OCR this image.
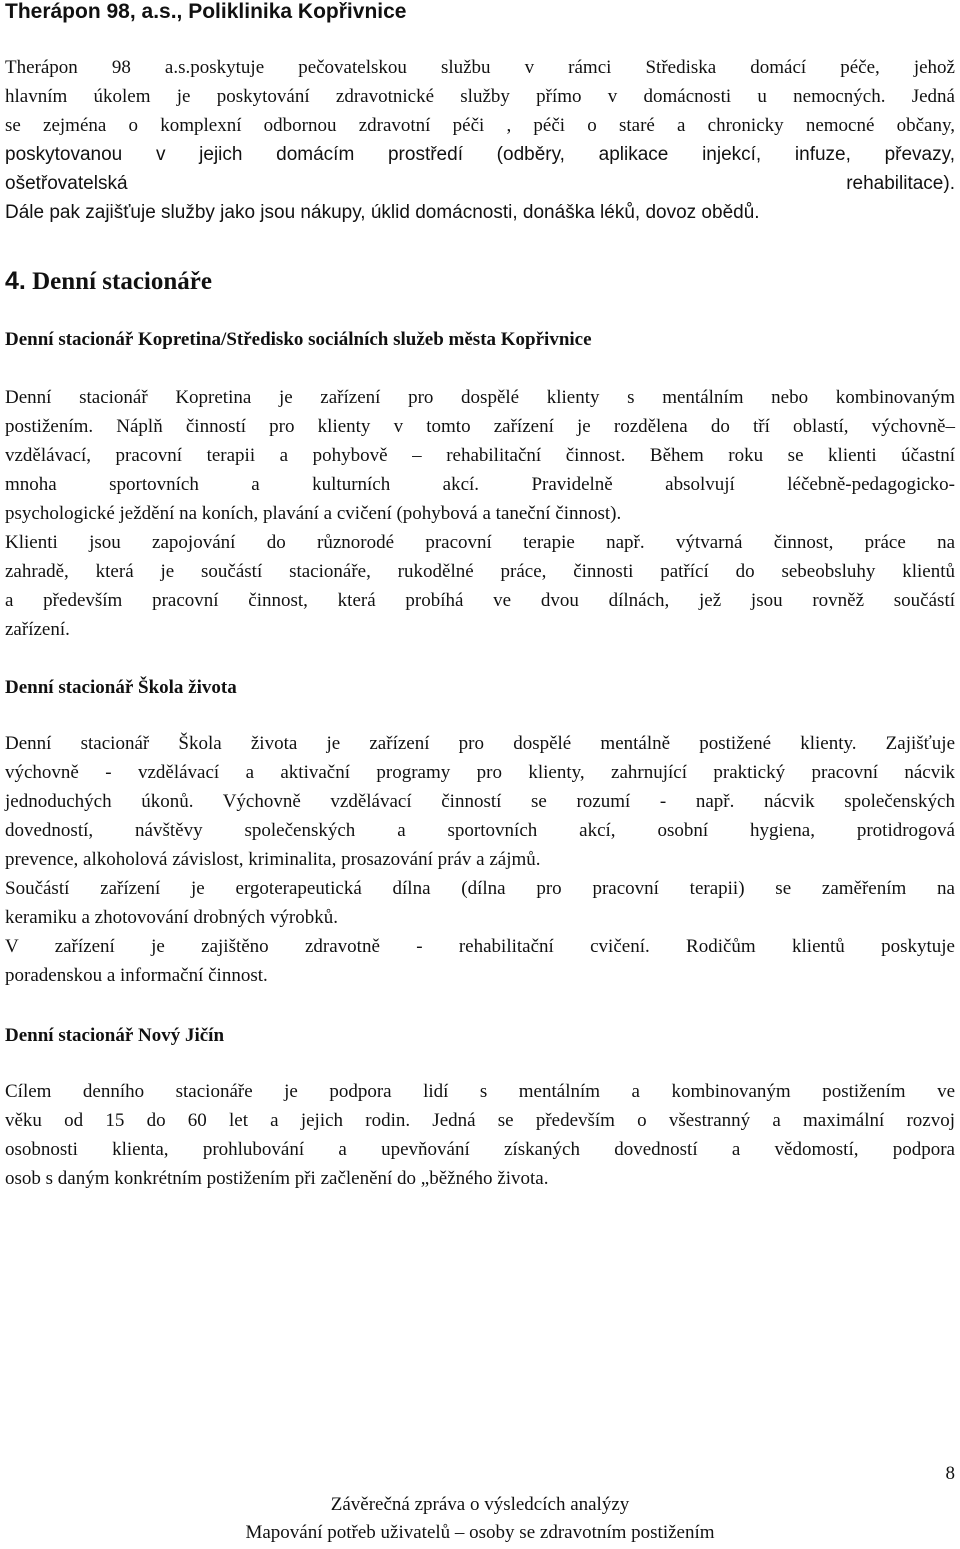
Therápon 98, a.s., Poliklinika Kopřivnice
Therápon 98 a.s.poskytuje pečovatelskou službu v rámci Střediska domácí péče, jehož
hlavním úkolem je poskytování zdravotnické služby přímo v domácnosti u nemocných. Jedná
se zejména o komplexní odbornou zdravotní péči , péči o staré a chronicky nemocné občany,
poskytovanou v jejich domácím prostředí (odběry, aplikace injekcí, infuze, převazy,
ošetřovatelská rehabilitace).
Dále pak zajišťuje služby jako jsou nákupy, úklid domácnosti, donáška léků, dovoz obědů.
4. Denní stacionáře
Denní stacionář Kopretina/Středisko sociálních služeb města Kopřivnice
Denní stacionář Kopretina je zařízení pro dospělé klienty s mentálním nebo kombinovaným
postižením. Náplň činností pro klienty v tomto zařízení je rozdělena do tří oblastí, výchovně–
vzdělávací, pracovní terapii a pohybově – rehabilitační činnost. Během roku se klienti účastní
mnoha sportovních a kulturních akcí. Pravidelně absolvují léčebně-pedagogicko-
psychologické ježdění na koních, plavání a cvičení (pohybová a taneční činnost).
Klienti jsou zapojování do různorodé pracovní terapie např. výtvarná činnost, práce na
zahradě, která je součástí stacionáře, rukodělné práce, činnosti patřící do sebeobsluhy klientů
a především pracovní činnost, která probíhá ve dvou dílnách, jež jsou rovněž součástí
zařízení.
Denní stacionář Škola života
Denní stacionář Škola života je zařízení pro dospělé mentálně postižené klienty. Zajišťuje
výchovně - vzdělávací a aktivační programy pro klienty, zahrnující praktický pracovní nácvik
jednoduchých úkonů. Výchovně vzdělávací činností se rozumí - např. nácvik společenských
dovedností, návštěvy společenských a sportovních akcí, osobní hygiena, protidrogová
prevence, alkoholová závislost, kriminalita, prosazování práv a zájmů.
Součástí zařízení je ergoterapeutická dílna (dílna pro pracovní terapii) se zaměřením na
keramiku a zhotovování drobných výrobků.
V zařízení je zajištěno zdravotně - rehabilitační cvičení. Rodičům klientů poskytuje
poradenskou a informační činnost.
Denní stacionář Nový Jičín
Cílem denního stacionáře je podpora lidí s mentálním a kombinovaným postižením ve
věku od 15 do 60 let a jejich rodin. Jedná se především o všestranný a maximální rozvoj
osobnosti klienta, prohlubování a upevňování získaných dovedností a vědomostí, podpora
osob s daným konkrétním postižením při začlenění do „běžného života.
8
Závěrečná zpráva o výsledcích analýzy
Mapování potřeb uživatelů – osoby se zdravotním postižením
